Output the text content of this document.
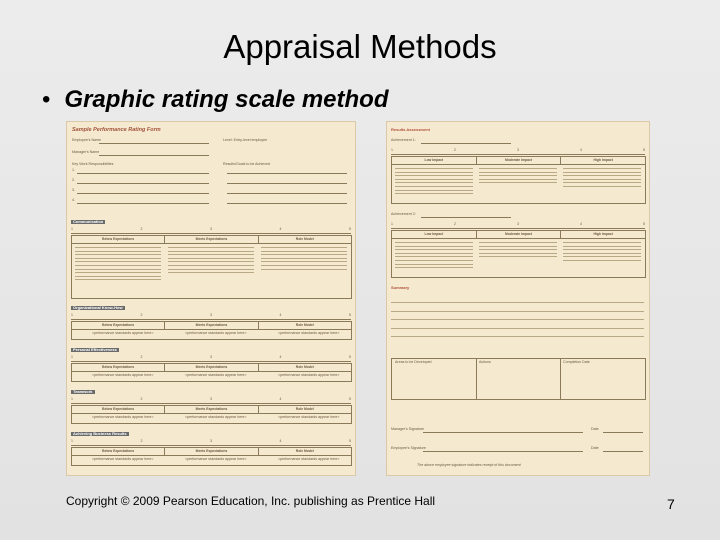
Appraisal Methods
• Graphic rating scale method
Sample Performance Rating Form
Employee's Name	Level: Entry-level employee
Manager's Name
Key Work Responsibilities	Results/Goals to be Achieved
1.
2.
3.
4.
Communication
1	2	3	4	5
Below Expectations	Meets Expectations	Role Model
Organizational Know-How
1	2	3	4	5
Below Expectations	Meets Expectations	Role Model
<performance standards appear here>	<performance standards appear here>	<performance standards appear here>
Personal Effectiveness
1	2	3	4	5
Below Expectations	Meets Expectations	Role Model
<performance standards appear here>	<performance standards appear here>	<performance standards appear here>
Teamwork
1	2	3	4	5
Below Expectations	Meets Expectations	Role Model
<performance standards appear here>	<performance standards appear here>	<performance standards appear here>
Achieving Business Results
1	2	3	4	5
Below Expectations	Meets Expectations	Role Model
<performance standards appear here>	<performance standards appear here>	<performance standards appear here>
Results Assessment
Achievement 1:
1	2	3	4	5
Low Impact	Moderate Impact	High Impact
Achievement 2:
1	2	3	4	5
Low Impact	Moderate Impact	High Impact
Summary
Areas to be Developed	Actions	Completion Date
Manager's Signature	Date
Employee's Signature	Date
The above employee signature indicates receipt of this document
Copyright © 2009 Pearson Education, Inc. publishing as Prentice Hall	7
